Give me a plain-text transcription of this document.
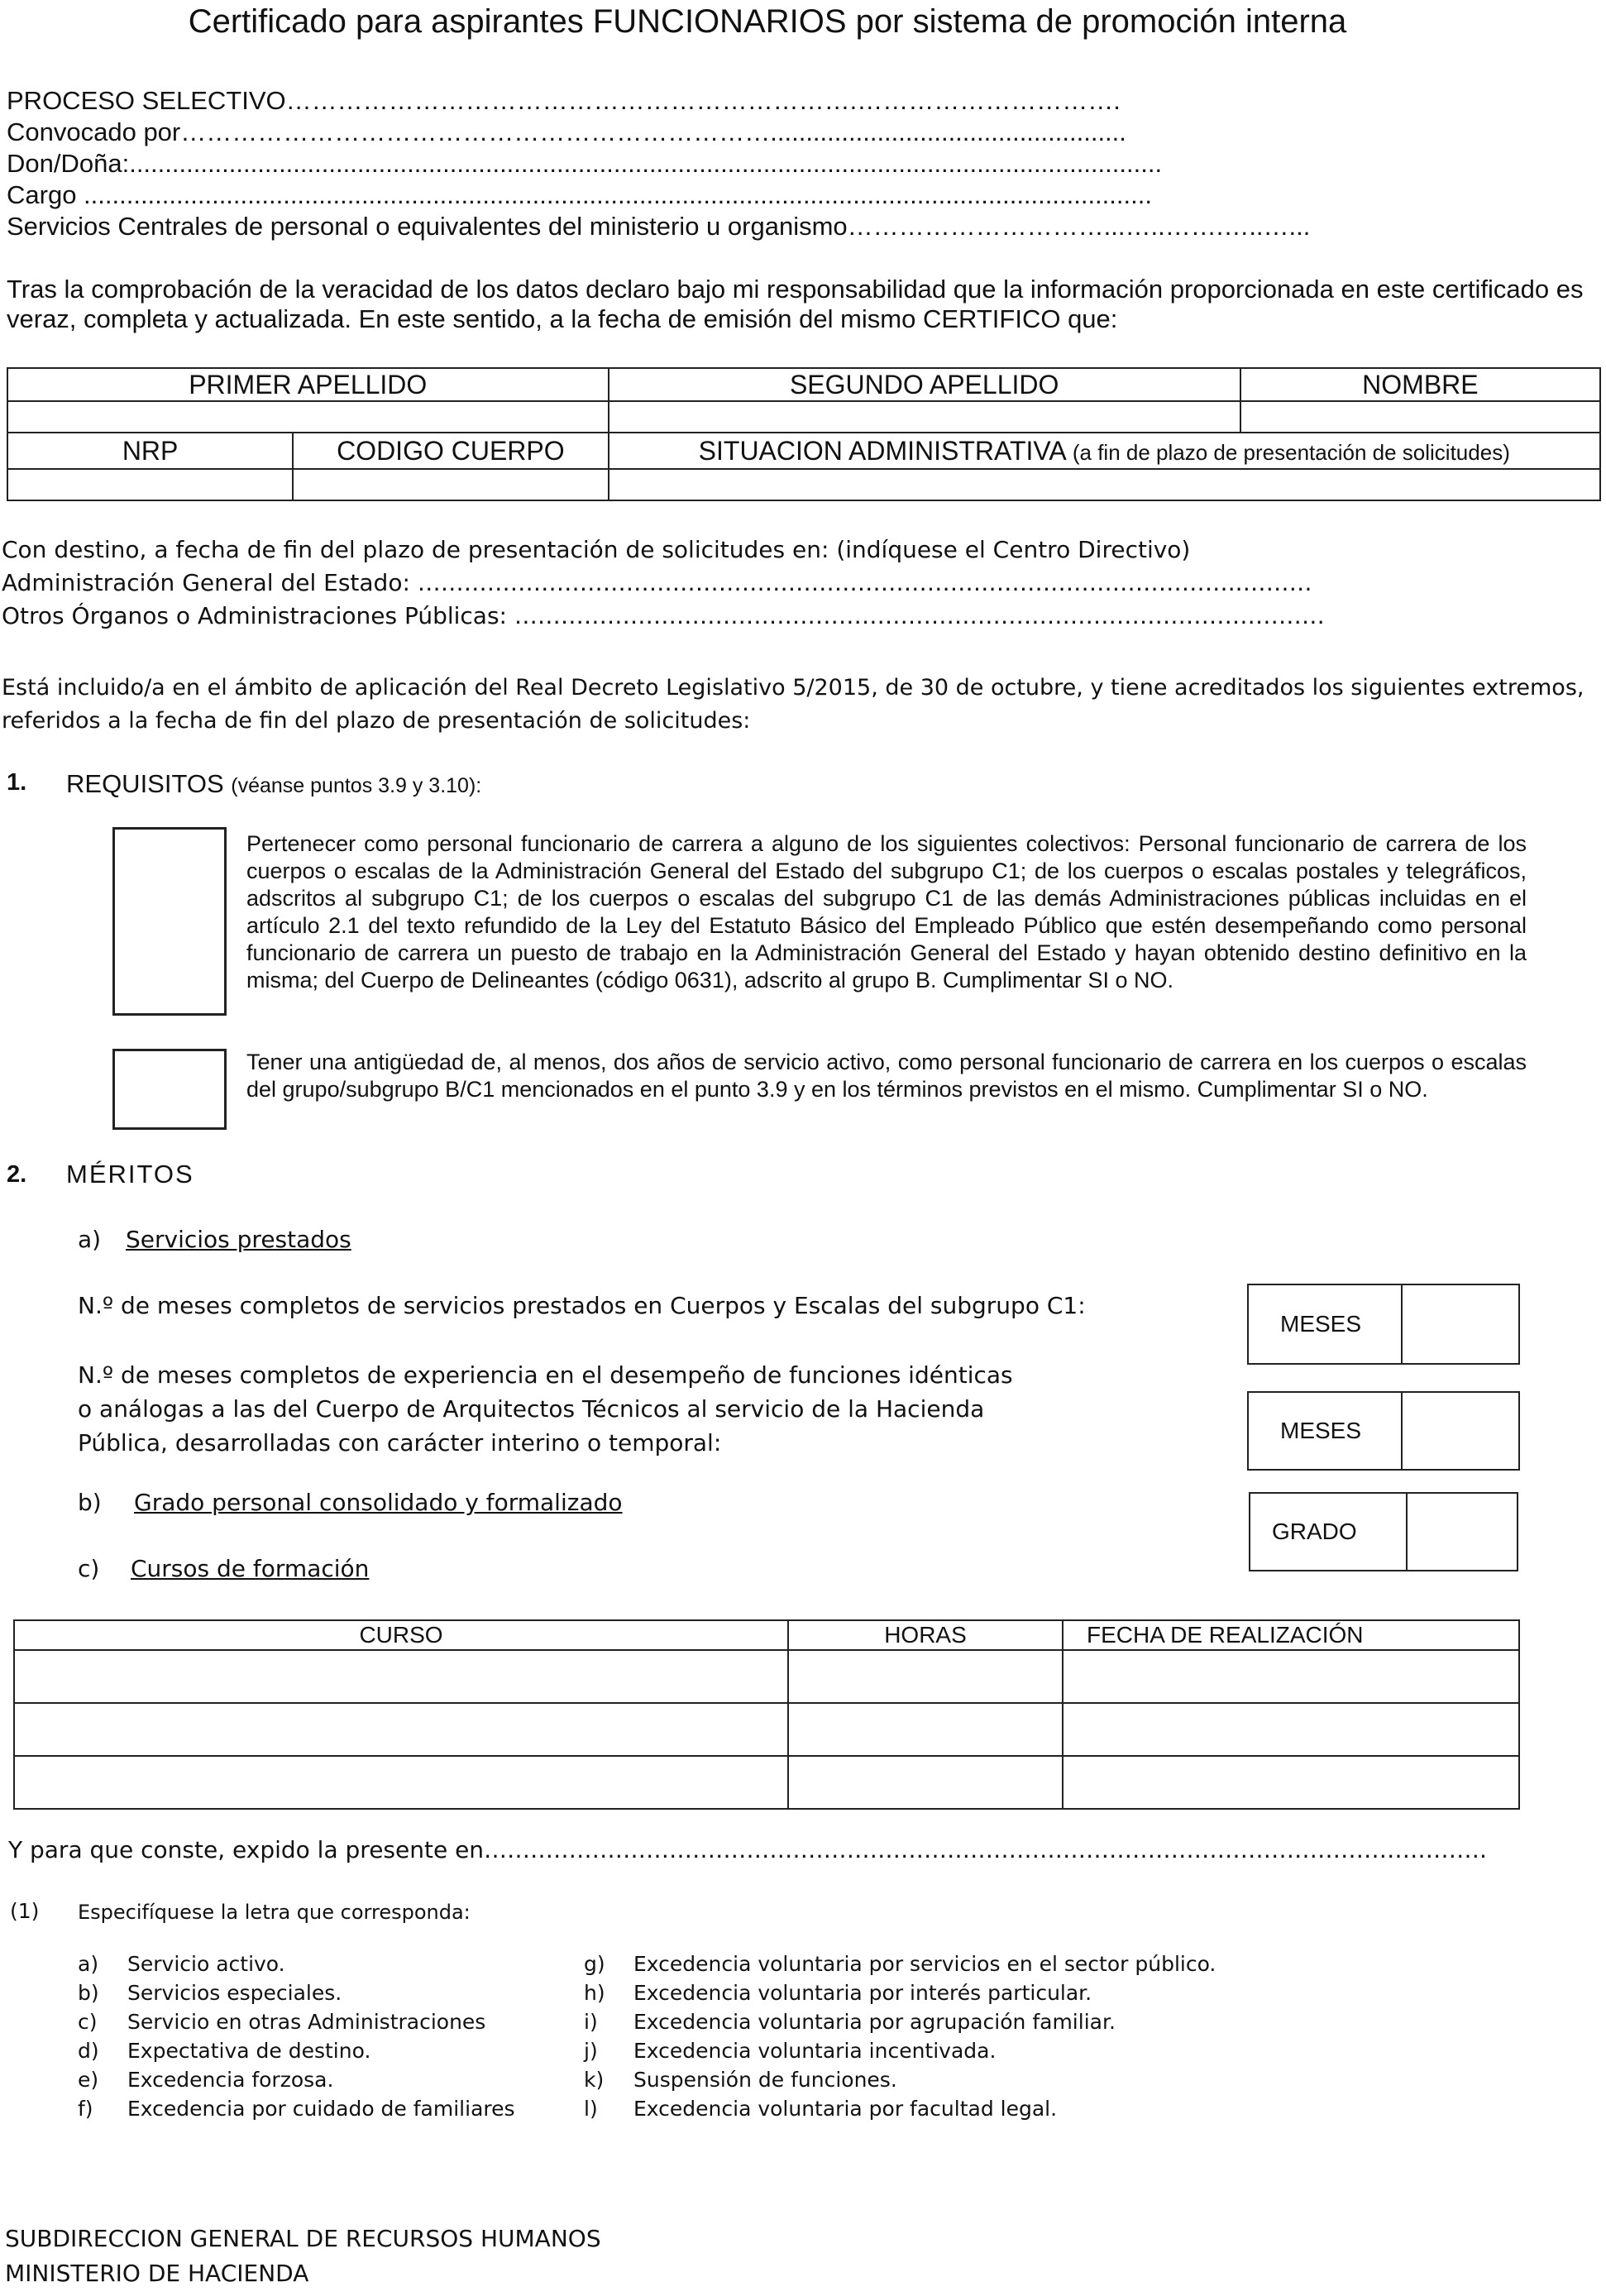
Certificado para aspirantes FUNCIONARIOS por sistema de promoción interna
PROCESO SELECTIVO………………………………………………………….………………………….
Convocado por……………………………………………………………..................................................
Don/Doña:.................................................................................................................................................
Cargo ......................................................................................................................................................
Servicios Centrales de personal o equivalentes del ministerio u organismo…………………………...…..…….…..…...
Tras la comprobación de la veracidad de los datos declaro bajo mi responsabilidad que la información proporcionada en este certificado es veraz, completa y actualizada. En este sentido, a la fecha de emisión del mismo CERTIFICO que:
PRIMER APELLIDO		SEGUNDO APELLIDO	NOMBRE

NRP	CODIGO CUERPO	SITUACION ADMINISTRATIVA (a fin de plazo de presentación de solicitudes)	

Con destino, a fecha de fin del plazo de presentación de solicitudes en: (indíquese el Centro Directivo)
Administración General del Estado: ……………………………………………………………………………………………..………
Otros Órganos o Administraciones Públicas: ……………………………………………………………………………………………
Está incluido/a en el ámbito de aplicación del Real Decreto Legislativo 5/2015, de 30 de octubre, y tiene acreditados los siguientes extremos, referidos a la fecha de fin del plazo de presentación de solicitudes:
1. REQUISITOS (véanse puntos 3.9 y 3.10):
Pertenecer como personal funcionario de carrera a alguno de los siguientes colectivos: Personal funcionario de carrera de los cuerpos o escalas de la Administración General del Estado del subgrupo C1; de los cuerpos o escalas postales y telegráficos, adscritos al subgrupo C1; de los cuerpos o escalas del subgrupo C1 de las demás Administraciones públicas incluidas en el artículo 2.1 del texto refundido de la Ley del Estatuto Básico del Empleado Público que estén desempeñando como personal funcionario de carrera un puesto de trabajo en la Administración General del Estado y hayan obtenido destino definitivo en la misma; del Cuerpo de Delineantes (código 0631), adscrito al grupo B. Cumplimentar SI o NO.
Tener una antigüedad de, al menos, dos años de servicio activo, como personal funcionario de carrera en los cuerpos o escalas del grupo/subgrupo B/C1 mencionados en el punto 3.9 y en los términos previstos en el mismo. Cumplimentar SI o NO.
2. MÉRITOS
a) Servicios prestados
N.º de meses completos de servicios prestados en Cuerpos y Escalas del subgrupo C1:
MESES
N.º de meses completos de experiencia en el desempeño de funciones idénticas o análogas a las del Cuerpo de Arquitectos Técnicos al servicio de la Hacienda Pública, desarrolladas con carácter interino o temporal:	MESES
b) Grado personal consolidado y formalizado
GRADO
c) Cursos de formación
CURSO	HORAS	FECHA DE REALIZACIÓN

Y para que conste, expido la presente en………………………………………………………………………………………………………………….
(1) Especifíquese la letra que corresponda:
a) Servicio activo.
b) Servicios especiales.
c) Servicio en otras Administraciones
d) Expectativa de destino.
e) Excedencia forzosa.
f) Excedencia por cuidado de familiares
g) Excedencia voluntaria por servicios en el sector público.
h) Excedencia voluntaria por interés particular.
i) Excedencia voluntaria por agrupación familiar.
j) Excedencia voluntaria incentivada.
k) Suspensión de funciones.
l) Excedencia voluntaria por facultad legal.
SUBDIRECCION GENERAL DE RECURSOS HUMANOS
MINISTERIO DE HACIENDA
